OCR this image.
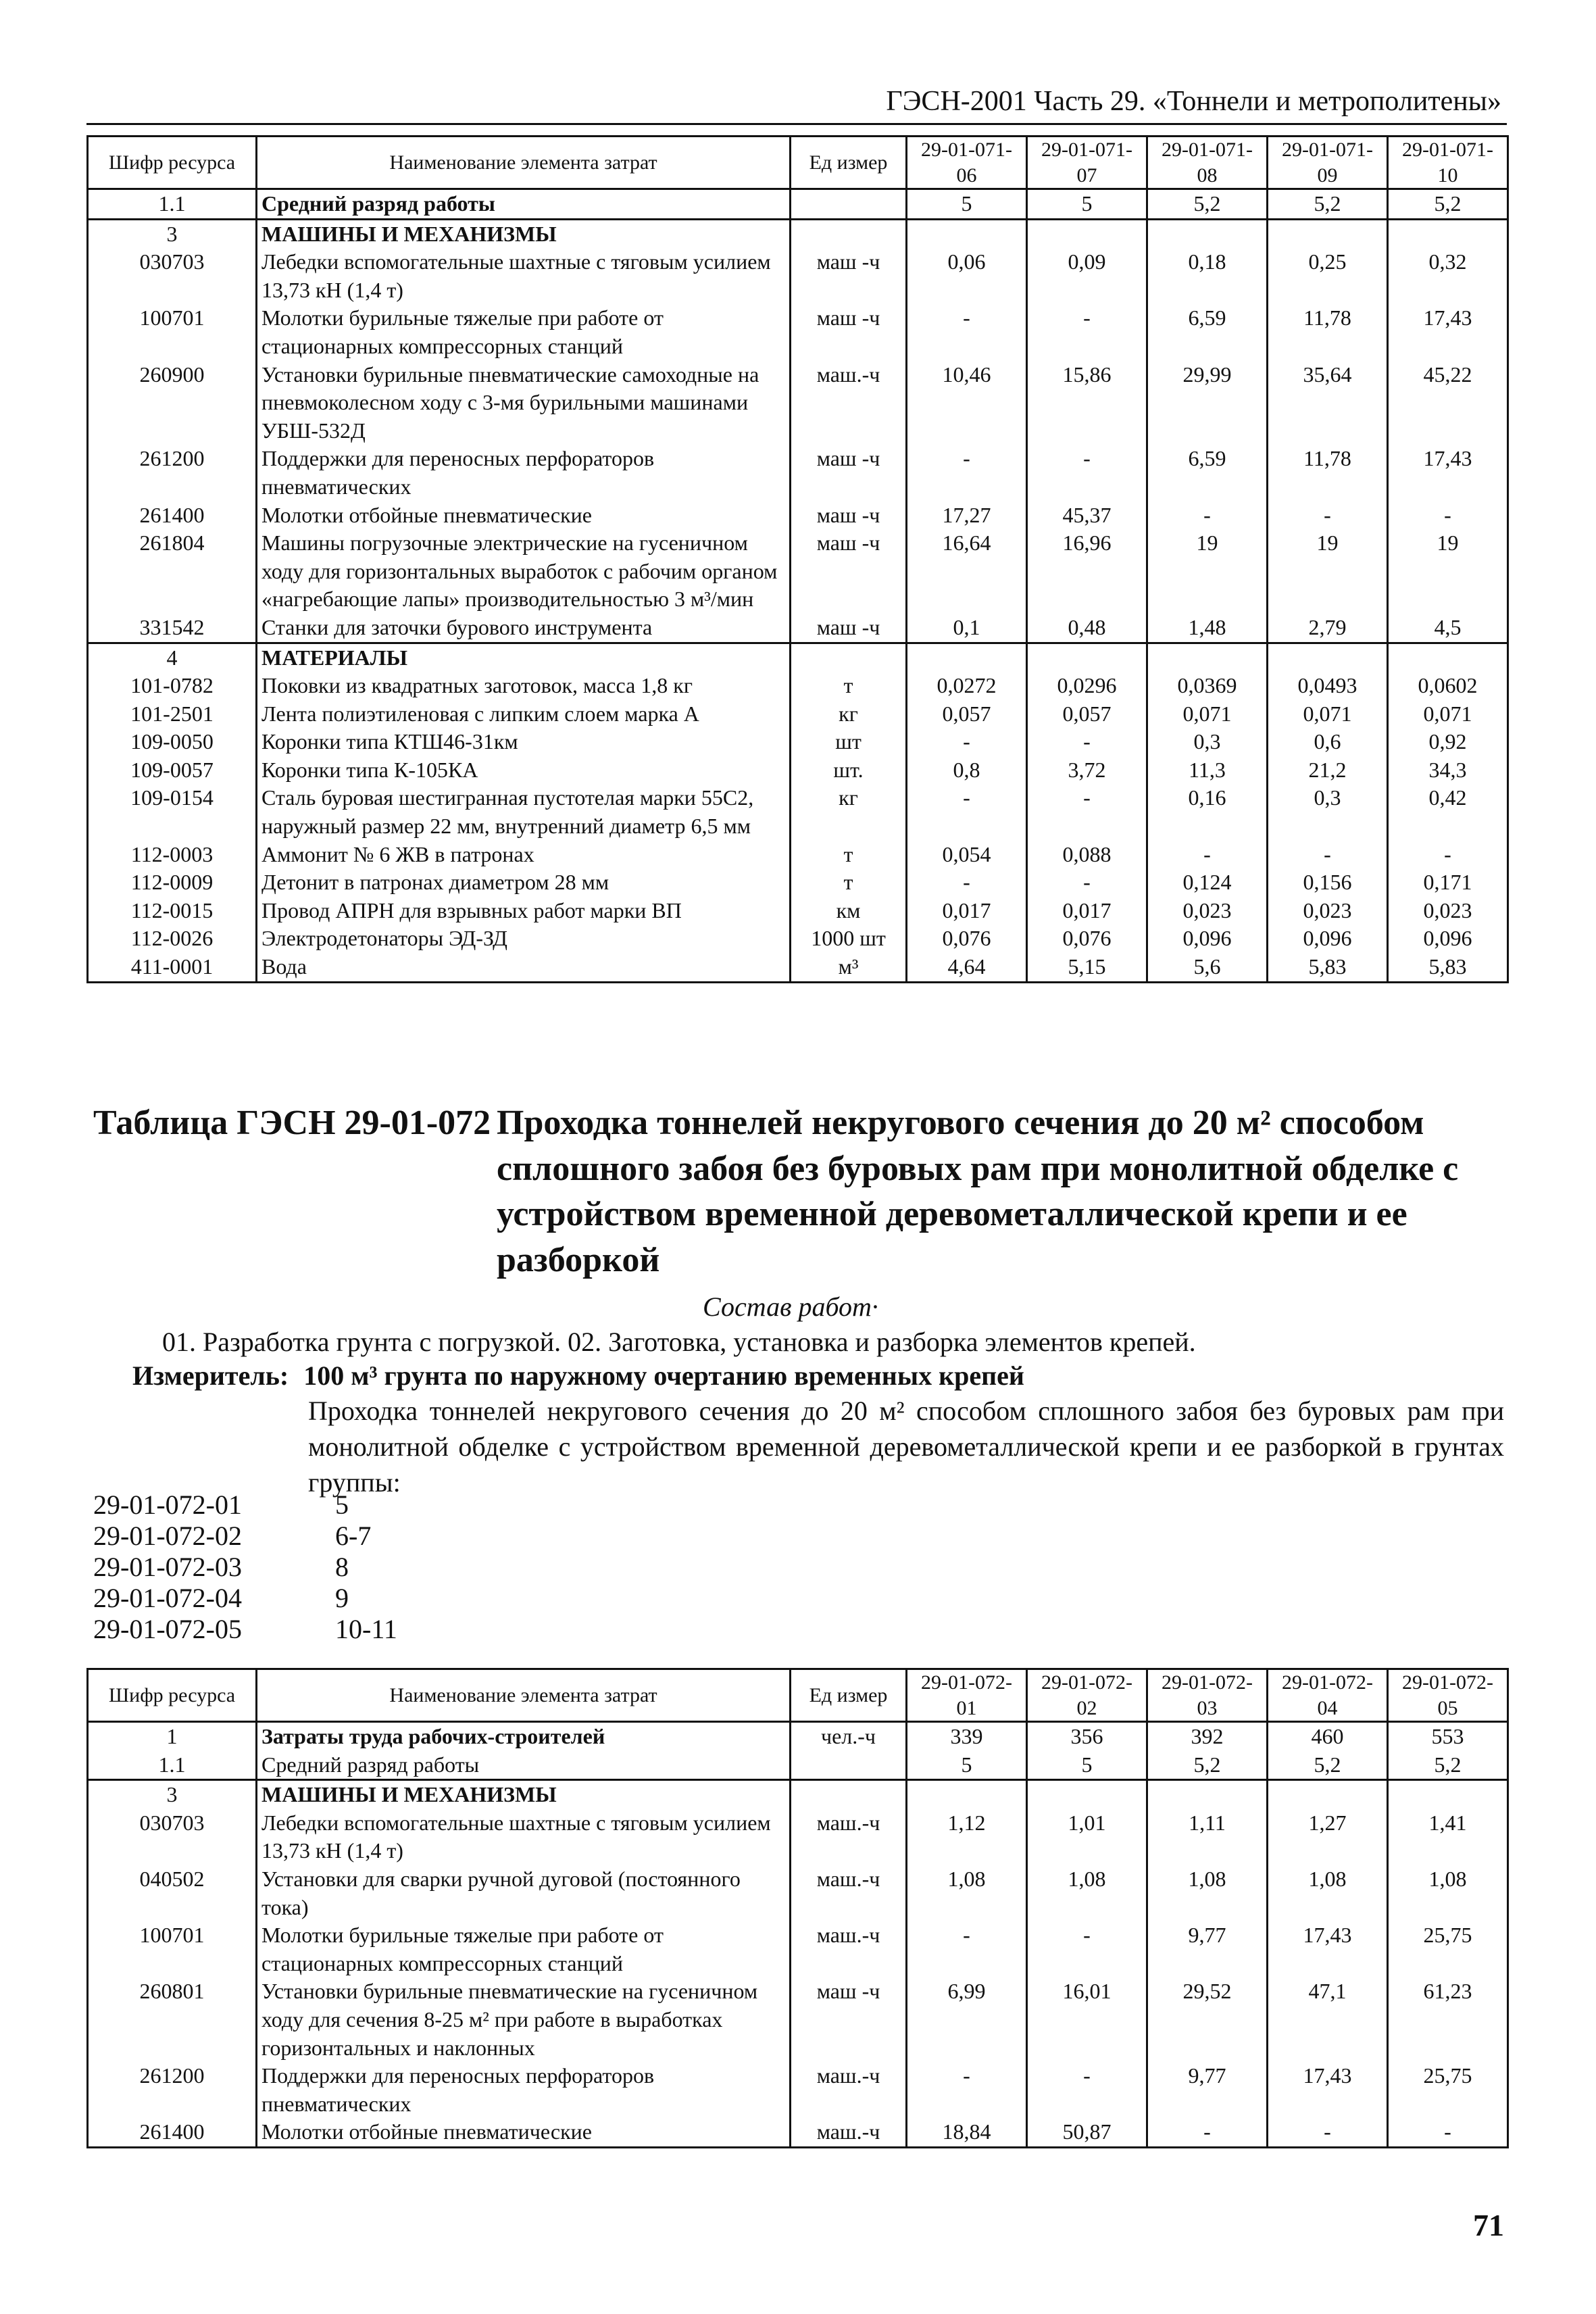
ГЭСН-2001 Часть 29. «Тоннели и метрополитены»
Шифр ресурса	Наименование элемента затрат	Ед измер	29-01-071-06	29-01-071-07	29-01-071-08	29-01-071-09	29-01-071-10
1.1	Средний разряд работы		5	5	5,2	5,2	5,2
3	МАШИНЫ И МЕХАНИЗМЫ						
030703	Лебедки вспомогательные шахтные с тяговым усилием 13,73 кН (1,4 т)	маш -ч	0,06	0,09	0,18	0,25	0,32
100701	Молотки бурильные тяжелые при работе от стационарных компрессорных станций	маш -ч	-	-	6,59	11,78	17,43
260900	Установки бурильные пневматические самоходные на пневмоколесном ходу с 3-мя бурильными машинами УБШ-532Д	маш.-ч	10,46	15,86	29,99	35,64	45,22
261200	Поддержки для переносных перфораторов пневматических	маш -ч	-	-	6,59	11,78	17,43
261400	Молотки отбойные пневматические	маш -ч	17,27	45,37	-	-	-
261804	Машины погрузочные электрические на гусеничном ходу для горизонтальных выработок с рабочим органом «нагребающие лапы» производительностью 3 м³/мин	маш -ч	16,64	16,96	19	19	19
331542	Станки для заточки бурового инструмента	маш -ч	0,1	0,48	1,48	2,79	4,5
4	МАТЕРИАЛЫ						
101-0782	Поковки из квадратных заготовок, масса 1,8 кг	т	0,0272	0,0296	0,0369	0,0493	0,0602
101-2501	Лента полиэтиленовая с липким слоем марка А	кг	0,057	0,057	0,071	0,071	0,071
109-0050	Коронки типа КТШ46-31км	шт	-	-	0,3	0,6	0,92
109-0057	Коронки типа К-105КА	шт.	0,8	3,72	11,3	21,2	34,3
109-0154	Сталь буровая шестигранная пустотелая марки 55С2, наружный размер 22 мм, внутренний диаметр 6,5 мм	кг	-	-	0,16	0,3	0,42
112-0003	Аммонит № 6 ЖВ в патронах	т	0,054	0,088	-	-	-
112-0009	Детонит в патронах диаметром 28 мм	т	-	-	0,124	0,156	0,171
112-0015	Провод АПРН для взрывных работ марки ВП	км	0,017	0,017	0,023	0,023	0,023
112-0026	Электродетонаторы ЭД-ЗД	1000 шт	0,076	0,076	0,096	0,096	0,096
411-0001	Вода	м³	4,64	5,15	5,6	5,83	5,83
Таблица ГЭСН 29-01-072 Проходка тоннелей некругового сечения до 20 м² способом сплошного забоя без буровых рам при монолитной обделке с устройством временной деревометаллической крепи и ее разборкой
Состав работ·
01. Разработка грунта с погрузкой. 02. Заготовка, установка и разборка элементов крепей.
Измеритель: 100 м³ грунта по наружному очертанию временных крепей
Проходка тоннелей некругового сечения до 20 м² способом сплошного забоя без буровых рам при монолитной обделке с устройством временной деревометаллической крепи и ее разборкой в грунтах группы:
29-01-072-01	5
29-01-072-02	6-7
29-01-072-03	8
29-01-072-04	9
29-01-072-05	10-11
Шифр ресурса	Наименование элемента затрат	Ед измер	29-01-072-01	29-01-072-02	29-01-072-03	29-01-072-04	29-01-072-05
1	Затраты труда рабочих-строителей	чел.-ч	339	356	392	460	553
1.1	Средний разряд работы		5	5	5,2	5,2	5,2
3	МАШИНЫ И МЕХАНИЗМЫ						
030703	Лебедки вспомогательные шахтные с тяговым усилием 13,73 кН (1,4 т)	маш.-ч	1,12	1,01	1,11	1,27	1,41
040502	Установки для сварки ручной дуговой (постоянного тока)	маш.-ч	1,08	1,08	1,08	1,08	1,08
100701	Молотки бурильные тяжелые при работе от стационарных компрессорных станций	маш.-ч	-	-	9,77	17,43	25,75
260801	Установки бурильные пневматические на гусеничном ходу для сечения 8-25 м² при работе в выработках горизонтальных и наклонных	маш -ч	6,99	16,01	29,52	47,1	61,23
261200	Поддержки для переносных перфораторов пневматических	маш.-ч	-	-	9,77	17,43	25,75
261400	Молотки отбойные пневматические	маш.-ч	18,84	50,87	-	-	-
71
